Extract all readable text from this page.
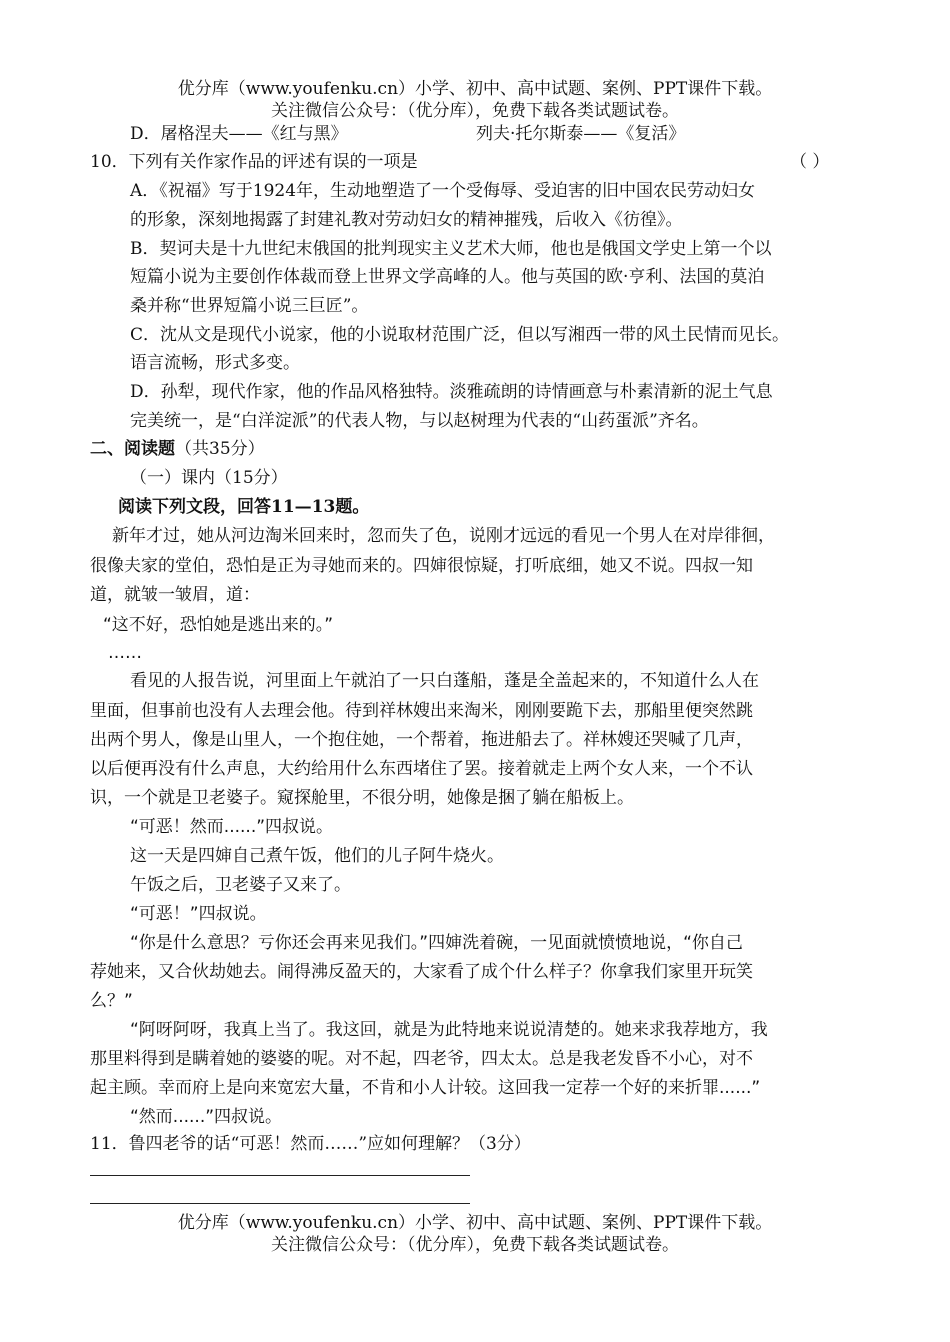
优分库（www.youfenku.cn）小学、初中、高中试题、案例、PPT课件下载。
关注微信公众号：（优分库），免费下载各类试题试卷。
D．屠格涅夫——《红与黑》	列夫·托尔斯泰——《复活》
10．下列有关作家作品的评述有误的一项是	（ ）
A．《祝福》写于1924年，生动地塑造了一个受侮辱、受迫害的旧中国农民劳动妇女
的形象，深刻地揭露了封建礼教对劳动妇女的精神摧残，后收入《彷徨》。
B．契诃夫是十九世纪末俄国的批判现实主义艺术大师，他也是俄国文学史上第一个以
短篇小说为主要创作体裁而登上世界文学高峰的人。他与英国的欧·亨利、法国的莫泊
桑并称“世界短篇小说三巨匠”。
C．沈从文是现代小说家，他的小说取材范围广泛，但以写湘西一带的风土民情而见长。
语言流畅，形式多变。
D．孙犁，现代作家，他的作品风格独特。淡雅疏朗的诗情画意与朴素清新的泥土气息
完美统一，是“白洋淀派”的代表人物，与以赵树理为代表的“山药蛋派”齐名。
二、阅读题（共35分）
（一）课内（15分）
阅读下列文段，回答11—13题。
新年才过，她从河边淘米回来时，忽而失了色，说刚才远远的看见一个男人在对岸徘徊，
很像夫家的堂伯，恐怕是正为寻她而来的。四婶很惊疑，打听底细，她又不说。四叔一知
道，就皱一皱眉，道：
“这不好，恐怕她是逃出来的。”
……
看见的人报告说，河里面上午就泊了一只白蓬船，蓬是全盖起来的，不知道什么人在
里面，但事前也没有人去理会他。待到祥林嫂出来淘米，刚刚要跪下去，那船里便突然跳
出两个男人，像是山里人，一个抱住她，一个帮着，拖进船去了。祥林嫂还哭喊了几声，
以后便再没有什么声息，大约给用什么东西堵住了罢。接着就走上两个女人来，一个不认
识，一个就是卫老婆子。窥探舱里，不很分明，她像是捆了躺在船板上。
“可恶！然而......”四叔说。
这一天是四婶自己煮午饭，他们的儿子阿牛烧火。
午饭之后，卫老婆子又来了。
“可恶！”四叔说。
“你是什么意思？亏你还会再来见我们。”四婶洗着碗，一见面就愤愤地说，“你自己
荐她来，又合伙劫她去。闹得沸反盈天的，大家看了成个什么样子？你拿我们家里开玩笑
么？”
“阿呀阿呀，我真上当了。我这回，就是为此特地来说说清楚的。她来求我荐地方，我
那里料得到是瞒着她的婆婆的呢。对不起，四老爷，四太太。总是我老发昏不小心，对不
起主顾。幸而府上是向来宽宏大量，不肯和小人计较。这回我一定荐一个好的来折罪......”
“然而......”四叔说。
11．鲁四老爷的话“可恶！然而……”应如何理解？（3分）
优分库（www.youfenku.cn）小学、初中、高中试题、案例、PPT课件下载。
关注微信公众号：（优分库），免费下载各类试题试卷。
